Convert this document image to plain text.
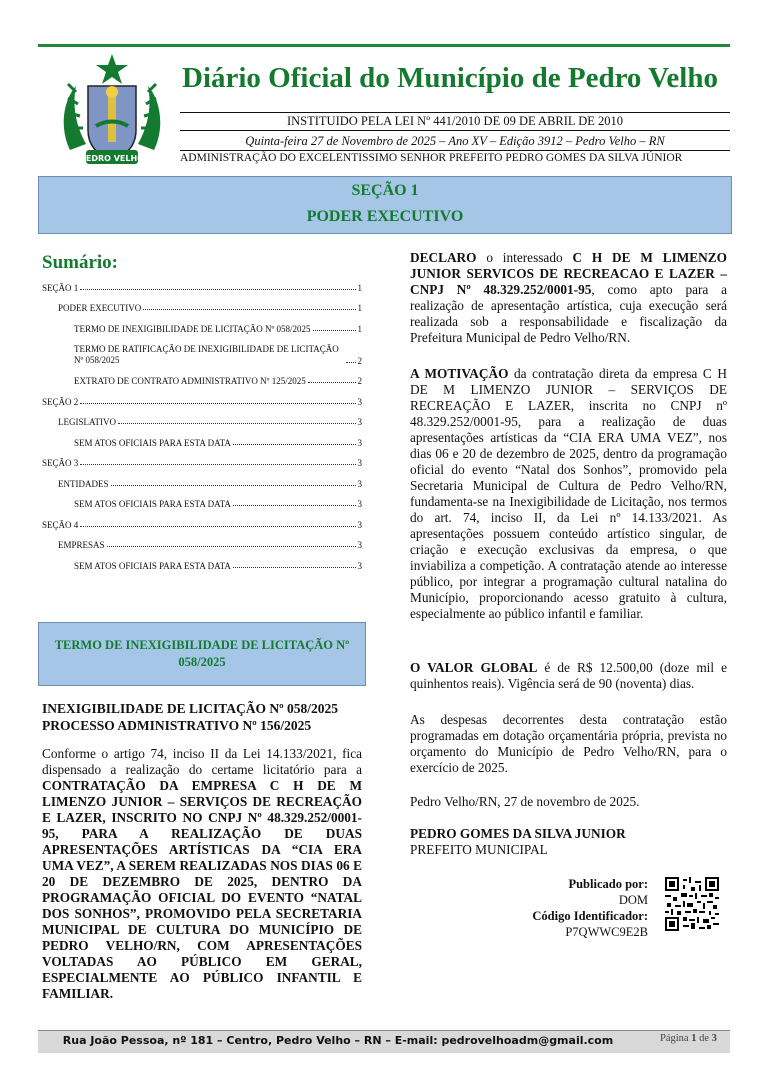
PEDRO VELHO
Diário Oficial do Município de Pedro Velho
INSTITUIDO PELA LEI Nº 441/2010 DE 09 DE ABRIL DE 2010
Quinta-feira 27 de Novembro de 2025 – Ano XV – Edição 3912 – Pedro Velho – RN
ADMINISTRAÇÃO DO EXCELENTISSIMO SENHOR PREFEITO PEDRO GOMES DA SILVA JÚNIOR
SEÇÃO 1
PODER EXECUTIVO
Sumário:
SEÇÃO 1	1
PODER EXECUTIVO	1
TERMO DE INEXIGIBILIDADE DE LICITAÇÃO Nº 058/2025	1
TERMO DE RATIFICAÇÃO DE INEXIGIBILIDADE DE LICITAÇÃO Nº 058/2025	2
EXTRATO DE CONTRATO ADMINISTRATIVO Nº 125/2025	2
SEÇÃO 2	3
LEGISLATIVO	3
SEM ATOS OFICIAIS PARA ESTA DATA	3
SEÇÃO 3	3
ENTIDADES	3
SEM ATOS OFICIAIS PARA ESTA DATA	3
SEÇÃO 4	3
EMPRESAS	3
SEM ATOS OFICIAIS PARA ESTA DATA	3
TERMO DE INEXIGIBILIDADE DE LICITAÇÃO Nº 058/2025
INEXIGIBILIDADE DE LICITAÇÃO Nº 058/2025
PROCESSO ADMINISTRATIVO Nº 156/2025
Conforme o artigo 74, inciso II da Lei 14.133/2021, fica dispensado a realização do certame licitatório para a CONTRATAÇÃO DA EMPRESA C H DE M LIMENZO JUNIOR – SERVIÇOS DE RECREAÇÃO E LAZER, INSCRITO NO CNPJ Nº 48.329.252/0001-95, PARA A REALIZAÇÃO DE DUAS APRESENTAÇÕES ARTÍSTICAS DA “CIA ERA UMA VEZ”, A SEREM REALIZADAS NOS DIAS 06 E 20 DE DEZEMBRO DE 2025, DENTRO DA PROGRAMAÇÃO OFICIAL DO EVENTO “NATAL DOS SONHOS”, PROMOVIDO PELA SECRETARIA MUNICIPAL DE CULTURA DO MUNICÍPIO DE PEDRO VELHO/RN, COM APRESENTAÇÕES VOLTADAS AO PÚBLICO EM GERAL, ESPECIALMENTE AO PÚBLICO INFANTIL E FAMILIAR.
DECLARO o interessado C H DE M LIMENZO JUNIOR SERVICOS DE RECREACAO E LAZER – CNPJ Nº 48.329.252/0001-95, como apto para a realização de apresentação artística, cuja execução será realizada sob a responsabilidade e fiscalização da Prefeitura Municipal de Pedro Velho/RN.
A MOTIVAÇÃO da contratação direta da empresa C H DE M LIMENZO JUNIOR – SERVIÇOS DE RECREAÇÃO E LAZER, inscrita no CNPJ nº 48.329.252/0001-95, para a realização de duas apresentações artísticas da “CIA ERA UMA VEZ”, nos dias 06 e 20 de dezembro de 2025, dentro da programação oficial do evento “Natal dos Sonhos”, promovido pela Secretaria Municipal de Cultura de Pedro Velho/RN, fundamenta-se na Inexigibilidade de Licitação, nos termos do art. 74, inciso II, da Lei nº 14.133/2021. As apresentações possuem conteúdo artístico singular, de criação e execução exclusivas da empresa, o que inviabiliza a competição. A contratação atende ao interesse público, por integrar a programação cultural natalina do Município, proporcionando acesso gratuito à cultura, especialmente ao público infantil e familiar.
O VALOR GLOBAL é de R$ 12.500,00 (doze mil e quinhentos reais). Vigência será de 90 (noventa) dias.
As despesas decorrentes desta contratação estão programadas em dotação orçamentária própria, prevista no orçamento do Município de Pedro Velho/RN, para o exercício de 2025.
Pedro Velho/RN, 27 de novembro de 2025.
PEDRO GOMES DA SILVA JUNIOR
PREFEITO MUNICIPAL
Publicado por:
DOM
Código Identificador:
P7QWWC9E2B
Rua João Pessoa, nº 181 – Centro, Pedro Velho – RN – E-mail: pedrovelhoadm@gmail.com	Página 1 de 3
